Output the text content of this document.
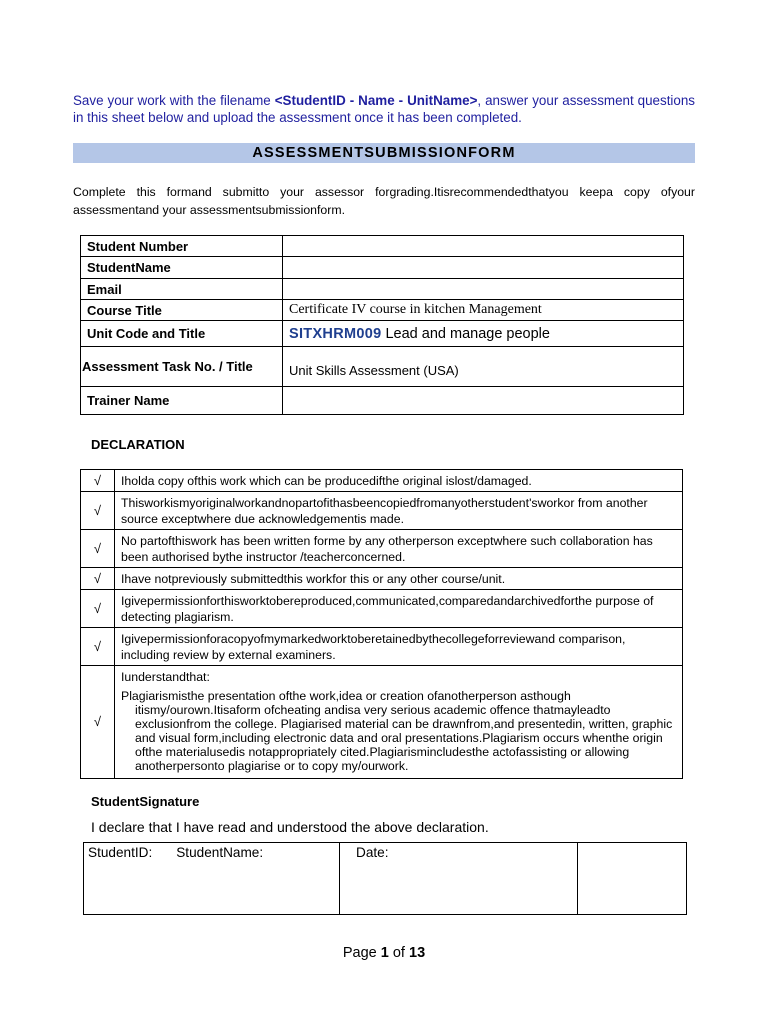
Save your work with the filename <StudentID - Name - UnitName>, answer your assessment questions in this sheet below and upload the assessment once it has been completed.
ASSESSMENTSUBMISSIONFORM
Complete this formand submitto your assessor forgrading.Itisrecommendedthatyou keepa copy ofyour assessmentand your assessmentsubmissionform.
Student Number	
StudentName	
Email	
Course Title	Certificate IV course in kitchen Management
Unit Code and Title	SITXHRM009 Lead and manage people
Assessment Task No. / Title	Unit Skills Assessment (USA)
Trainer Name	
DECLARATION
√	Iholda copy ofthis work which can be producedifthe original islost/damaged.
√	Thisworkismyoriginalworkandnopartofithasbeencopiedfromanyotherstudent'sworkor from another source exceptwhere due acknowledgementis made.
√	No partofthiswork has been written forme by any otherperson exceptwhere such collaboration has been authorised bythe instructor /teacherconcerned.
√	Ihave notpreviously submittedthis workfor this or any other course/unit.
√	Igivepermissionforthisworktobereproduced,communicated,comparedandarchivedforthe purpose of detecting plagiarism.
√	Igivepermissionforacopyofmymarkedworktoberetainedbythecollegeforreviewand comparison, including review by external examiners.
√	Iunderstandthat:
Plagiarismisthe presentation ofthe work,idea or creation ofanotherperson asthough
itismy/ourown.Itisaform ofcheating andisa very serious academic offence thatmayleadto exclusionfrom the college. Plagiarised material can be drawnfrom,and presentedin, written, graphic and visual form,including electronic data and oral presentations.Plagiarism occurs whenthe origin ofthe materialusedis notappropriately cited.Plagiarismincludesthe actofassisting or allowing anotherpersonto plagiarise or to copy my/ourwork.
StudentSignature
I declare that I have read and understood the above declaration.
StudentID: StudentName:	Date:	
Page 1 of 13
